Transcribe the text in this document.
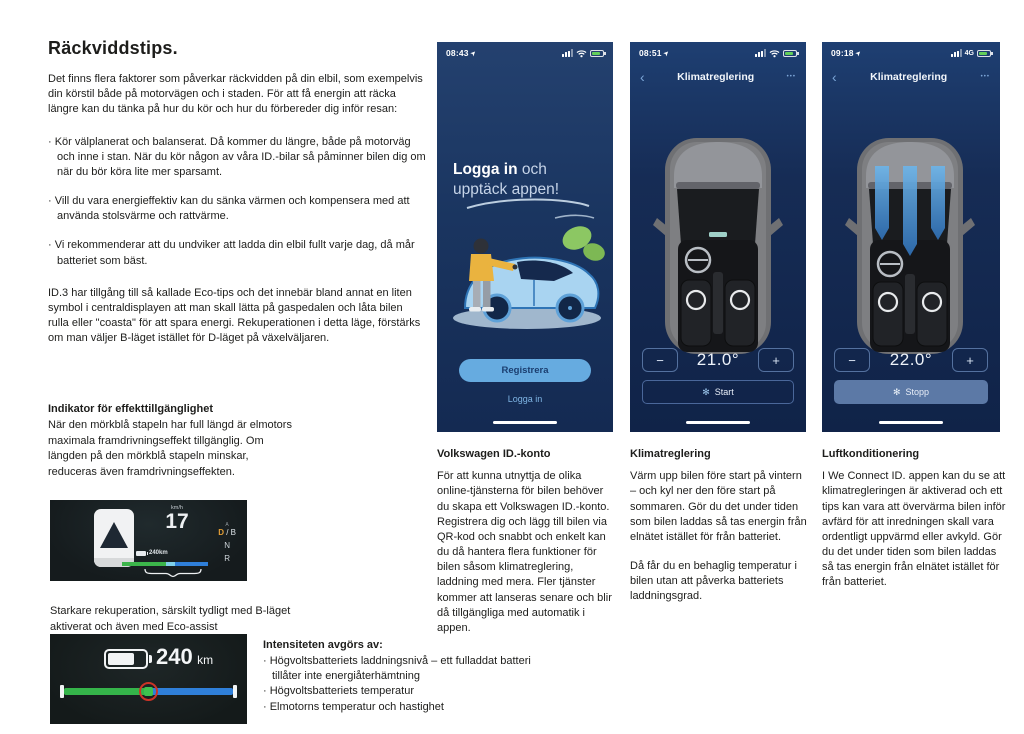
Räckviddstips.

Det finns flera faktorer som påverkar räckvidden på din elbil, som exempelvis din körstil både på motorvägen och i staden. För att få energin att räcka längre kan du tänka på hur du kör och hur du förbereder dig inför resan:

· Kör välplanerat och balanserat. Då kommer du längre, både på motorväg och inne i stan. När du kör någon av våra ID.-bilar så påminner bilen dig om när du bör köra lite mer sparsamt.

· Vill du vara energieffektiv kan du sänka värmen och kompensera med att använda stolsvärme och rattvärme.

· Vi rekommenderar att du undviker att ladda din elbil fullt varje dag, då mår batteriet som bäst.

ID.3 har tillgång till så kallade Eco-tips och det innebär bland annat en liten symbol i centraldisplayen att man skall lätta på gaspedalen och låta bilen rulla eller "coasta" för att spara energi. Rekuperationen i detta läge, förstärks om man väljer B-läget istället för D-läget på växelväljaren.

Indikator för effekttillgänglighet

När den mörkblå stapeln har full längd är elmotors maximala framdrivningseffekt tillgänglig. Om längden på den mörkblå stapeln minskar, reduceras även framdrivningseffekten.

km/h
17
240km
A
D / B
N
R

Starkare rekuperation, särskilt tydligt med B-läget aktiverat och även med Eco-assist

240 km
Intensiteten avgörs av:

· Högvoltsbatteriets laddningsnivå – ett fulladdat batteri tillåter inte energiåterhämtning

· Högvoltsbatteriets temperatur

· Elmotorns temperatur och hastighet

08:43 ➤
Logga in och upptäck appen!
Registrera
Logga in
08:51 ➤
‹	Klimatreglering	•••
−	21.0°	+
✻ Start
09:18 ➤	4G
‹	Klimatreglering	•••
−	22.0°	+
✻ Stopp
Volkswagen ID.-konto

För att kunna utnyttja de olika online-tjänsterna för bilen behöver du skapa ett Volkswagen ID.-konto. Registrera dig och lägg till bilen via QR-kod och snabbt och enkelt kan du då hantera flera funktioner för bilen såsom klimatreglering, laddning med mera. Fler tjänster kommer att lanseras senare och blir då tillgängliga med automatik i appen.

Klimatreglering

Värm upp bilen före start på vintern – och kyl ner den före start på sommaren. Gör du det under tiden som bilen laddas så tas energin från elnätet istället för från batteriet.

Då får du en behaglig temperatur i bilen utan att påverka batteriets laddningsgrad.

Luftkonditionering

I We Connect ID. appen kan du se att klimatregleringen är aktiverad och ett tips kan vara att övervärma bilen inför avfärd för att inredningen skall vara ordentligt uppvärmd eller avkyld. Gör du det under tiden som bilen laddas så tas energin från elnätet istället för från batteriet.
